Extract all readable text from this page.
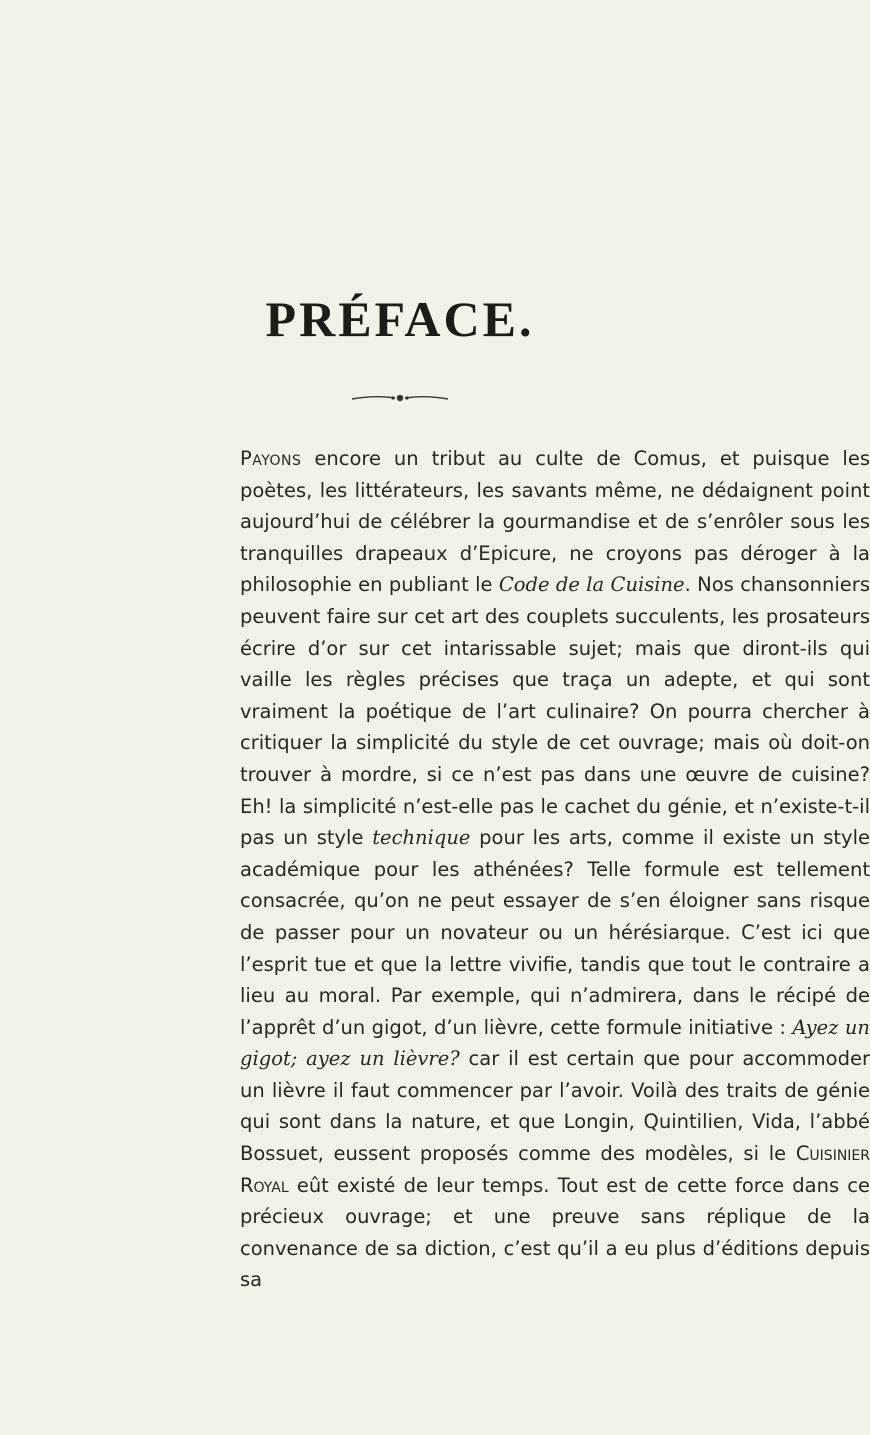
PRÉFACE.

Payons encore un tribut au culte de Comus, et puisque les poètes, les littérateurs, les savants même, ne dédaignent point aujourd’hui de célébrer la gourmandise et de s’enrôler sous les tranquilles drapeaux d’Epicure, ne croyons pas déroger à la philosophie en publiant le Code de la Cuisine. Nos chansonniers peuvent faire sur cet art des couplets succulents, les prosateurs écrire d’or sur cet intarissable sujet; mais que diront-ils qui vaille les règles précises que traça un adepte, et qui sont vraiment la poétique de l’art culinaire? On pourra chercher à critiquer la simplicité du style de cet ouvrage; mais où doit-on trouver à mordre, si ce n’est pas dans une œuvre de cuisine? Eh! la simplicité n’est-elle pas le cachet du génie, et n’existe-t-il pas un style technique pour les arts, comme il existe un style académique pour les athénées? Telle formule est tellement consacrée, qu’on ne peut essayer de s’en éloigner sans risque de passer pour un novateur ou un hérésiarque. C’est ici que l’esprit tue et que la lettre vivifie, tandis que tout le contraire a lieu au moral. Par exemple, qui n’admirera, dans le récipé de l’apprêt d’un gigot, d’un lièvre, cette formule initiative : Ayez un gigot; ayez un lièvre? car il est certain que pour accommoder un lièvre il faut commencer par l’avoir. Voilà des traits de génie qui sont dans la nature, et que Longin, Quintilien, Vida, l’abbé Bossuet, eussent proposés comme des modèles, si le Cuisinier Royal eût existé de leur temps. Tout est de cette force dans ce précieux ouvrage; et une preuve sans réplique de la convenance de sa diction, c’est qu’il a eu plus d’éditions depuis sa
